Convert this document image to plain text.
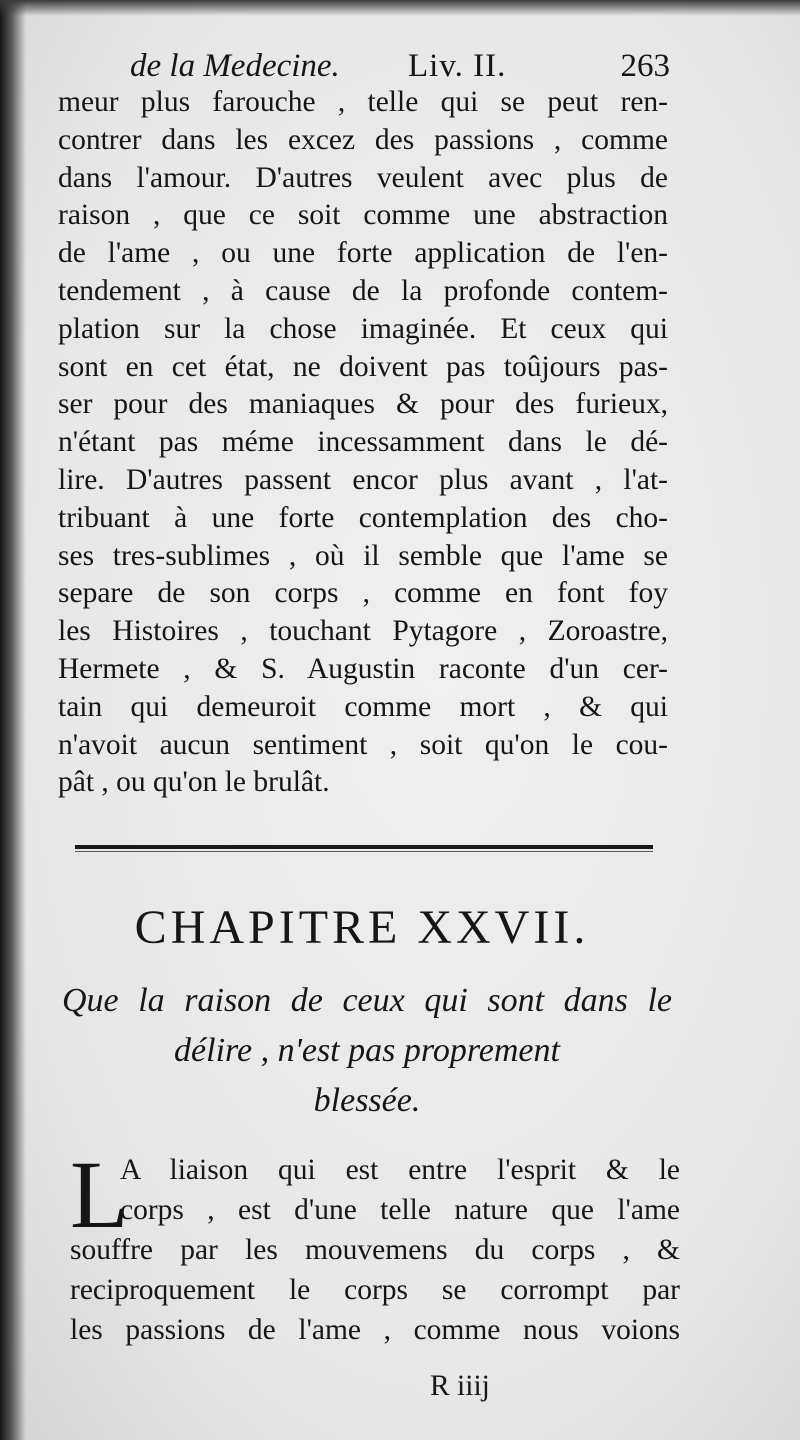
de la Medecine. Liv. II.	263
meur plus farouche , telle qui se peut ren-
contrer dans les excez des passions , comme
dans l'amour. D'autres veulent avec plus de
raison , que ce soit comme une abstraction
de l'ame , ou une forte application de l'en-
tendement , à cause de la profonde contem-
plation sur la chose imaginée. Et ceux qui
sont en cet état, ne doivent pas toûjours pas-
ser pour des maniaques & pour des furieux,
n'étant pas méme incessamment dans le dé-
lire. D'autres passent encor plus avant , l'at-
tribuant à une forte contemplation des cho-
ses tres-sublimes , où il semble que l'ame se
separe de son corps , comme en font foy
les Histoires , touchant Pytagore , Zoroastre,
Hermete , & S. Augustin raconte d'un cer-
tain qui demeuroit comme mort , & qui
n'avoit aucun sentiment , soit qu'on le cou-
pât , ou qu'on le brulât.
CHAPITRE XXVII.
Que la raison de ceux qui sont dans le
délire , n'est pas proprement
blessée.
L
A liaison qui est entre l'esprit & le
corps , est d'une telle nature que l'ame
souffre par les mouvemens du corps , &
reciproquement le corps se corrompt par
les passions de l'ame , comme nous voions
R iiij
